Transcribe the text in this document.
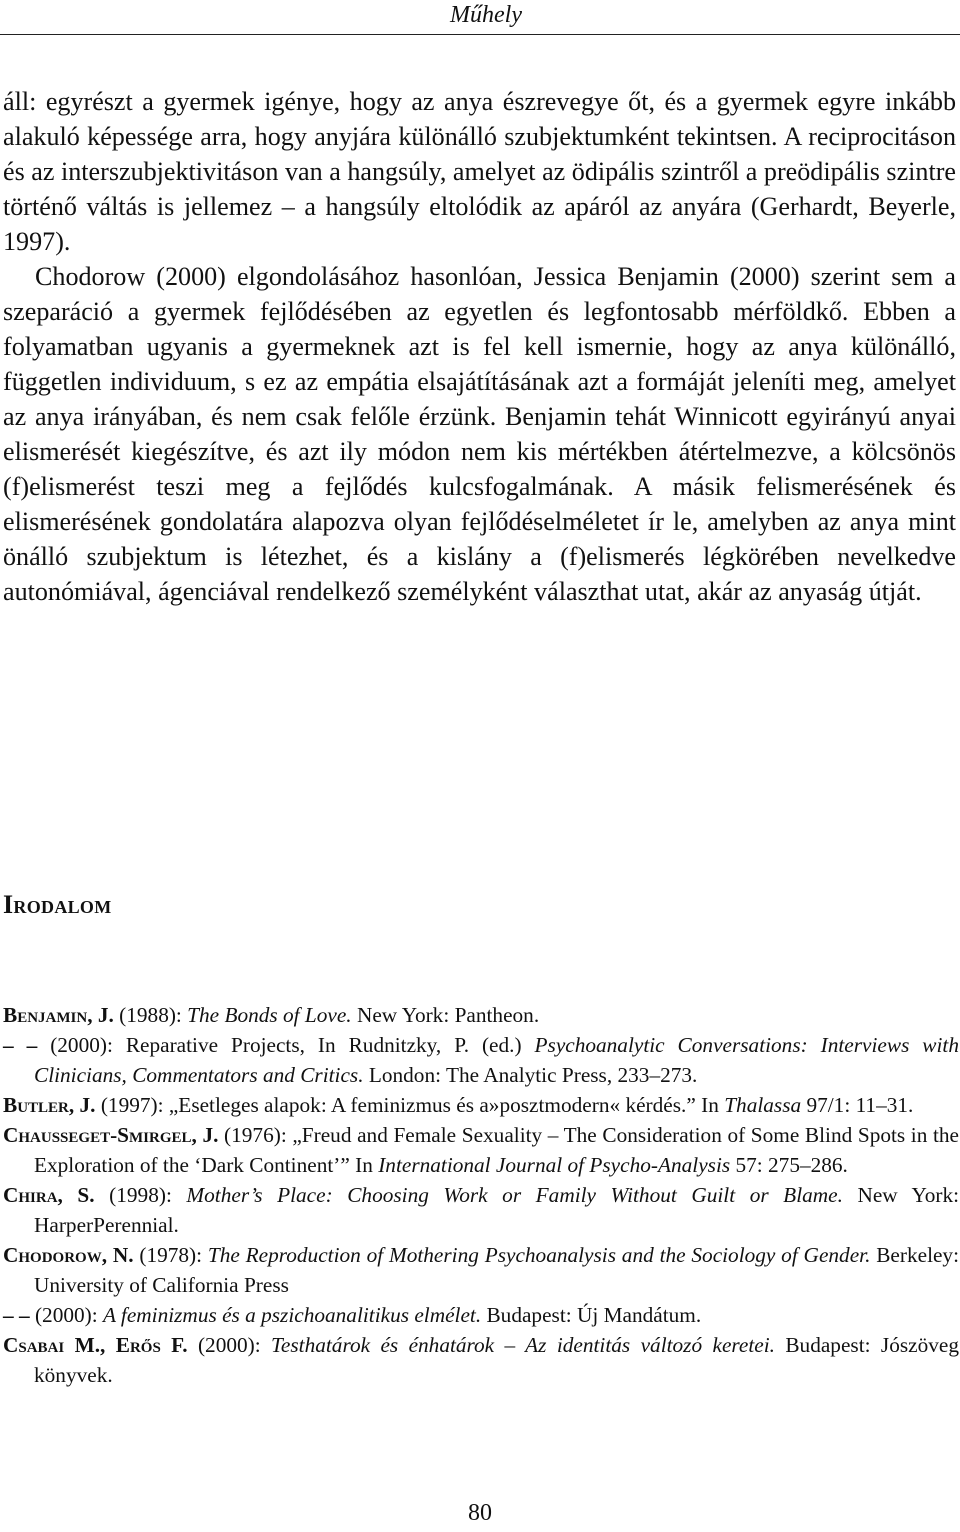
Műhely

áll: egyrészt a gyermek igénye, hogy az anya észrevegye őt, és a gyermek egyre inkább alakuló képessége arra, hogy anyjára különálló szubjektumként tekintsen. A reciprocitáson és az interszubjektivitáson van a hangsúly, amelyet az ödipális szintről a preödipális szintre történő váltás is jellemez – a hangsúly eltolódik az apáról az anyára (Gerhardt, Beyerle, 1997).

Chodorow (2000) elgondolásához hasonlóan, Jessica Benjamin (2000) szerint sem a szeparáció a gyermek fejlődésében az egyetlen és legfontosabb mérföldkő. Ebben a folyamatban ugyanis a gyermeknek azt is fel kell ismernie, hogy az anya különálló, független individuum, s ez az empátia elsajátításának azt a formáját jeleníti meg, amelyet az anya irányában, és nem csak felőle érzünk. Benjamin tehát Winnicott egyirányú anyai elismerését kiegészítve, és azt ily módon nem kis mértékben átértelmezve, a kölcsönös (f)elismerést teszi meg a fejlődés kulcsfogalmának. A másik felismerésének és elismerésének gondolatára alapozva olyan fejlődéselméletet ír le, amelyben az anya mint önálló szubjektum is létezhet, és a kislány a (f)elismerés légkörében nevelkedve autonómiával, ágenciával rendelkező személyként választhat utat, akár az anyaság útját.

Irodalom

Benjamin, J. (1988): The Bonds of Love. New York: Pantheon.

– – (2000): Reparative Projects, In Rudnitzky, P. (ed.) Psychoanalytic Conversations: Interviews with Clinicians, Commentators and Critics. London: The Analytic Press, 233–273.

Butler, J. (1997): „Esetleges alapok: A feminizmus és a»posztmodern« kérdés.” In Thalassa 97/1: 11–31.

Chausseget-Smirgel, J. (1976): „Freud and Female Sexuality – The Consideration of Some Blind Spots in the Exploration of the ‘Dark Continent’” In International Journal of Psycho-Analysis 57: 275–286.

Chira, S. (1998): Mother’s Place: Choosing Work or Family Without Guilt or Blame. New York: HarperPerennial.

Chodorow, N. (1978): The Reproduction of Mothering Psychoanalysis and the Sociology of Gender. Berkeley: University of California Press

– – (2000): A feminizmus és a pszichoanalitikus elmélet. Budapest: Új Mandátum.

Csabai M., Erős F. (2000): Testhatárok és énhatárok – Az identitás változó keretei. Budapest: Jószöveg könyvek.

80
